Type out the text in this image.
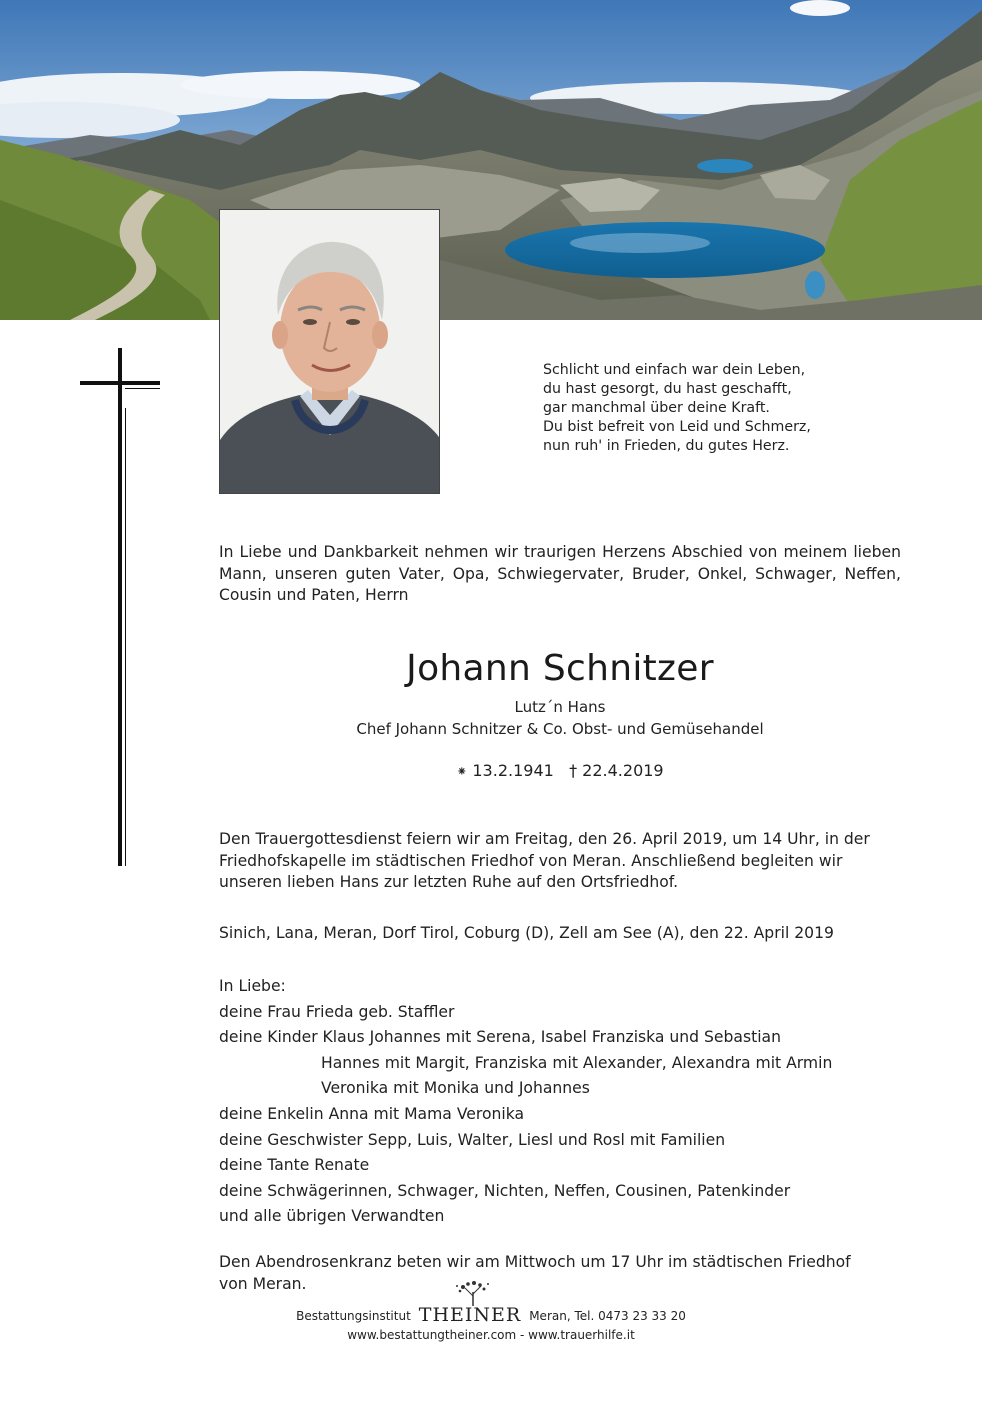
Schlicht und einfach war dein Leben,
du hast gesorgt, du hast geschafft,
gar manchmal über deine Kraft.
Du bist befreit von Leid und Schmerz,
nun ruh' in Frieden, du gutes Herz.
In Liebe und Dankbarkeit nehmen wir traurigen Herzens Abschied von meinem lieben Mann, unseren guten Vater, Opa, Schwiegervater, Bruder, Onkel, Schwager, Neffen, Cousin und Paten, Herrn
Johann Schnitzer
Lutz´n Hans
Chef Johann Schnitzer & Co. Obst- und Gemüsehandel
⁕ 13.2.1941 † 22.4.2019
Den Trauergottesdienst feiern wir am Freitag, den 26. April 2019, um 14 Uhr, in der Friedhofskapelle im städtischen Friedhof von Meran. Anschließend begleiten wir unseren lieben Hans zur letzten Ruhe auf den Ortsfriedhof.
Sinich, Lana, Meran, Dorf Tirol, Coburg (D), Zell am See (A), den 22. April 2019
In Liebe:
deine Frau Frieda geb. Staffler
deine Kinder Klaus Johannes mit Serena, Isabel Franziska und Sebastian
Hannes mit Margit, Franziska mit Alexander, Alexandra mit Armin
Veronika mit Monika und Johannes
deine Enkelin Anna mit Mama Veronika
deine Geschwister Sepp, Luis, Walter, Liesl und Rosl mit Familien
deine Tante Renate
deine Schwägerinnen, Schwager, Nichten, Neffen, Cousinen, Patenkinder
und alle übrigen Verwandten
Den Abendrosenkranz beten wir am Mittwoch um 17 Uhr im städtischen Friedhof von Meran.
Bestattungsinstitut THEINER Meran, Tel. 0473 23 33 20
www.bestattungtheiner.com - www.trauerhilfe.it
